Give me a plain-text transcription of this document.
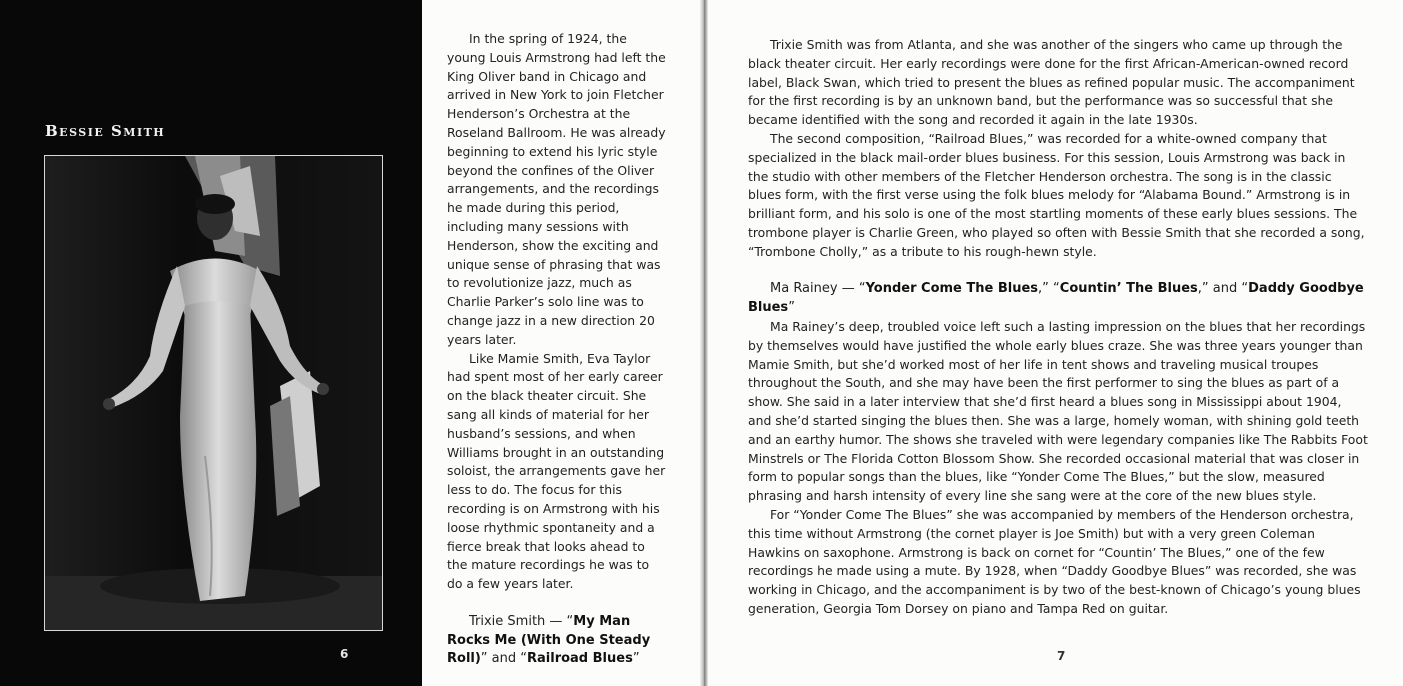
Bessie Smith
6

In the spring of 1924, the young Louis Armstrong had left the King Oliver band in Chicago and arrived in New York to join Fletcher Henderson’s Orchestra at the Roseland Ballroom. He was already beginning to extend his lyric style beyond the confines of the Oliver arrangements, and the recordings he made during this period, including many sessions with Henderson, show the exciting and unique sense of phrasing that was to revolutionize jazz, much as Charlie Parker’s solo line was to change jazz in a new direction 20 years later.

Like Mamie Smith, Eva Taylor had spent most of her early career on the black theater circuit. She sang all kinds of material for her husband’s sessions, and when Williams brought in an outstanding soloist, the arrangements gave her less to do. The focus for this recording is on Armstrong with his loose rhythmic spontaneity and a fierce break that looks ahead to the mature recordings he was to do a few years later.

Trixie Smith — “My Man Rocks Me (With One Steady Roll)” and “Railroad Blues”

Trixie Smith was from Atlanta, and she was another of the singers who came up through the black theater circuit. Her early recordings were done for the first African-American-owned record label, Black Swan, which tried to present the blues as refined popular music. The accompaniment for the first recording is by an unknown band, but the performance was so successful that she became identified with the song and recorded it again in the late 1930s.

The second composition, “Railroad Blues,” was recorded for a white-owned company that specialized in the black mail-order blues business. For this session, Louis Armstrong was back in the studio with other members of the Fletcher Henderson orchestra. The song is in the classic blues form, with the first verse using the folk blues melody for “Alabama Bound.” Armstrong is in brilliant form, and his solo is one of the most startling moments of these early blues sessions. The trombone player is Charlie Green, who played so often with Bessie Smith that she recorded a song, “Trombone Cholly,” as a tribute to his rough-hewn style.

Ma Rainey — “Yonder Come The Blues,” “Countin’ The Blues,” and “Daddy Goodbye Blues”

Ma Rainey’s deep, troubled voice left such a lasting impression on the blues that her recordings by themselves would have justified the whole early blues craze. She was three years younger than Mamie Smith, but she’d worked most of her life in tent shows and traveling musical troupes throughout the South, and she may have been the first performer to sing the blues as part of a show. She said in a later interview that she’d first heard a blues song in Mississippi about 1904, and she’d started singing the blues then. She was a large, homely woman, with shining gold teeth and an earthy humor. The shows she traveled with were legendary companies like The Rabbits Foot Minstrels or The Florida Cotton Blossom Show. She recorded occasional material that was closer in form to popular songs than the blues, like “Yonder Come The Blues,” but the slow, measured phrasing and harsh intensity of every line she sang were at the core of the new blues style.

For “Yonder Come The Blues” she was accompanied by members of the Henderson orchestra, this time without Armstrong (the cornet player is Joe Smith) but with a very green Coleman Hawkins on saxophone. Armstrong is back on cornet for “Countin’ The Blues,” one of the few recordings he made using a mute. By 1928, when “Daddy Goodbye Blues” was recorded, she was working in Chicago, and the accompaniment is by two of the best-known of Chicago’s young blues generation, Georgia Tom Dorsey on piano and Tampa Red on guitar.

7
